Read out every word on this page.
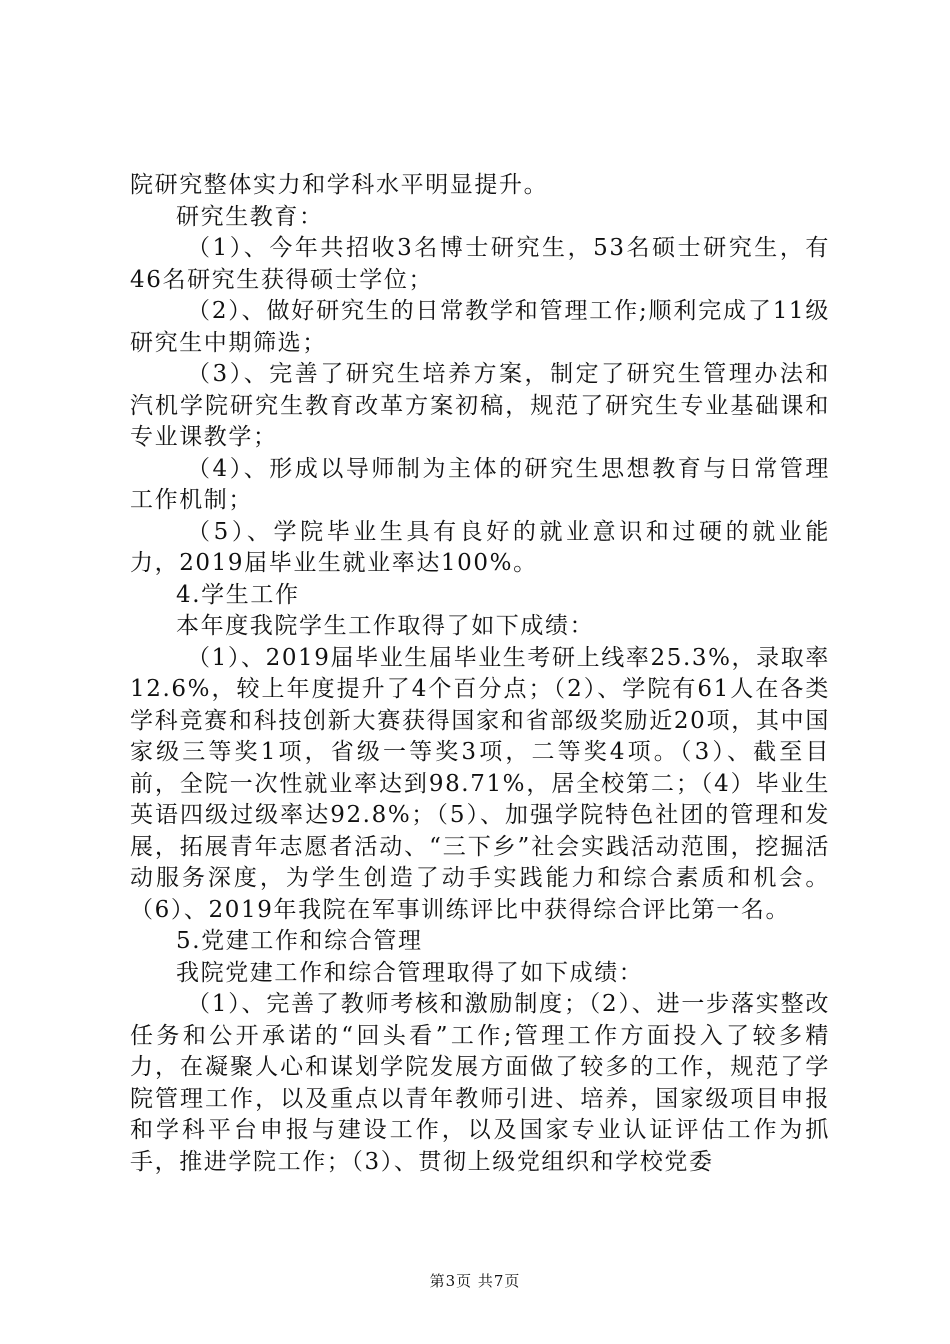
院研究整体实力和学科水平明显提升。

研究生教育：

（1）、今年共招收3名博士研究生，53名硕士研究生，有46名研究生获得硕士学位；

（2）、做好研究生的日常教学和管理工作;顺利完成了11级研究生中期筛选；

（3）、完善了研究生培养方案，制定了研究生管理办法和汽机学院研究生教育改革方案初稿，规范了研究生专业基础课和专业课教学；

（4）、形成以导师制为主体的研究生思想教育与日常管理工作机制；

（5）、学院毕业生具有良好的就业意识和过硬的就业能力，2019届毕业生就业率达100%。

4.学生工作

本年度我院学生工作取得了如下成绩：

（1）、2019届毕业生届毕业生考研上线率25.3%，录取率12.6%，较上年度提升了4个百分点；（2）、学院有61人在各类学科竞赛和科技创新大赛获得国家和省部级奖励近20项，其中国家级三等奖1项，省级一等奖3项，二等奖4项。（3）、截至目前，全院一次性就业率达到98.71%，居全校第二；（4）毕业生英语四级过级率达92.8%；（5）、加强学院特色社团的管理和发展，拓展青年志愿者活动、“三下乡”社会实践活动范围，挖掘活动服务深度，为学生创造了动手实践能力和综合素质和机会。（6）、2019年我院在军事训练评比中获得综合评比第一名。

5.党建工作和综合管理

我院党建工作和综合管理取得了如下成绩：

（1）、完善了教师考核和激励制度；（2）、进一步落实整改任务和公开承诺的“回头看”工作;管理工作方面投入了较多精力，在凝聚人心和谋划学院发展方面做了较多的工作，规范了学院管理工作，以及重点以青年教师引进、培养，国家级项目申报和学科平台申报与建设工作，以及国家专业认证评估工作为抓手，推进学院工作；（3）、贯彻上级党组织和学校党委

第3页 共7页
